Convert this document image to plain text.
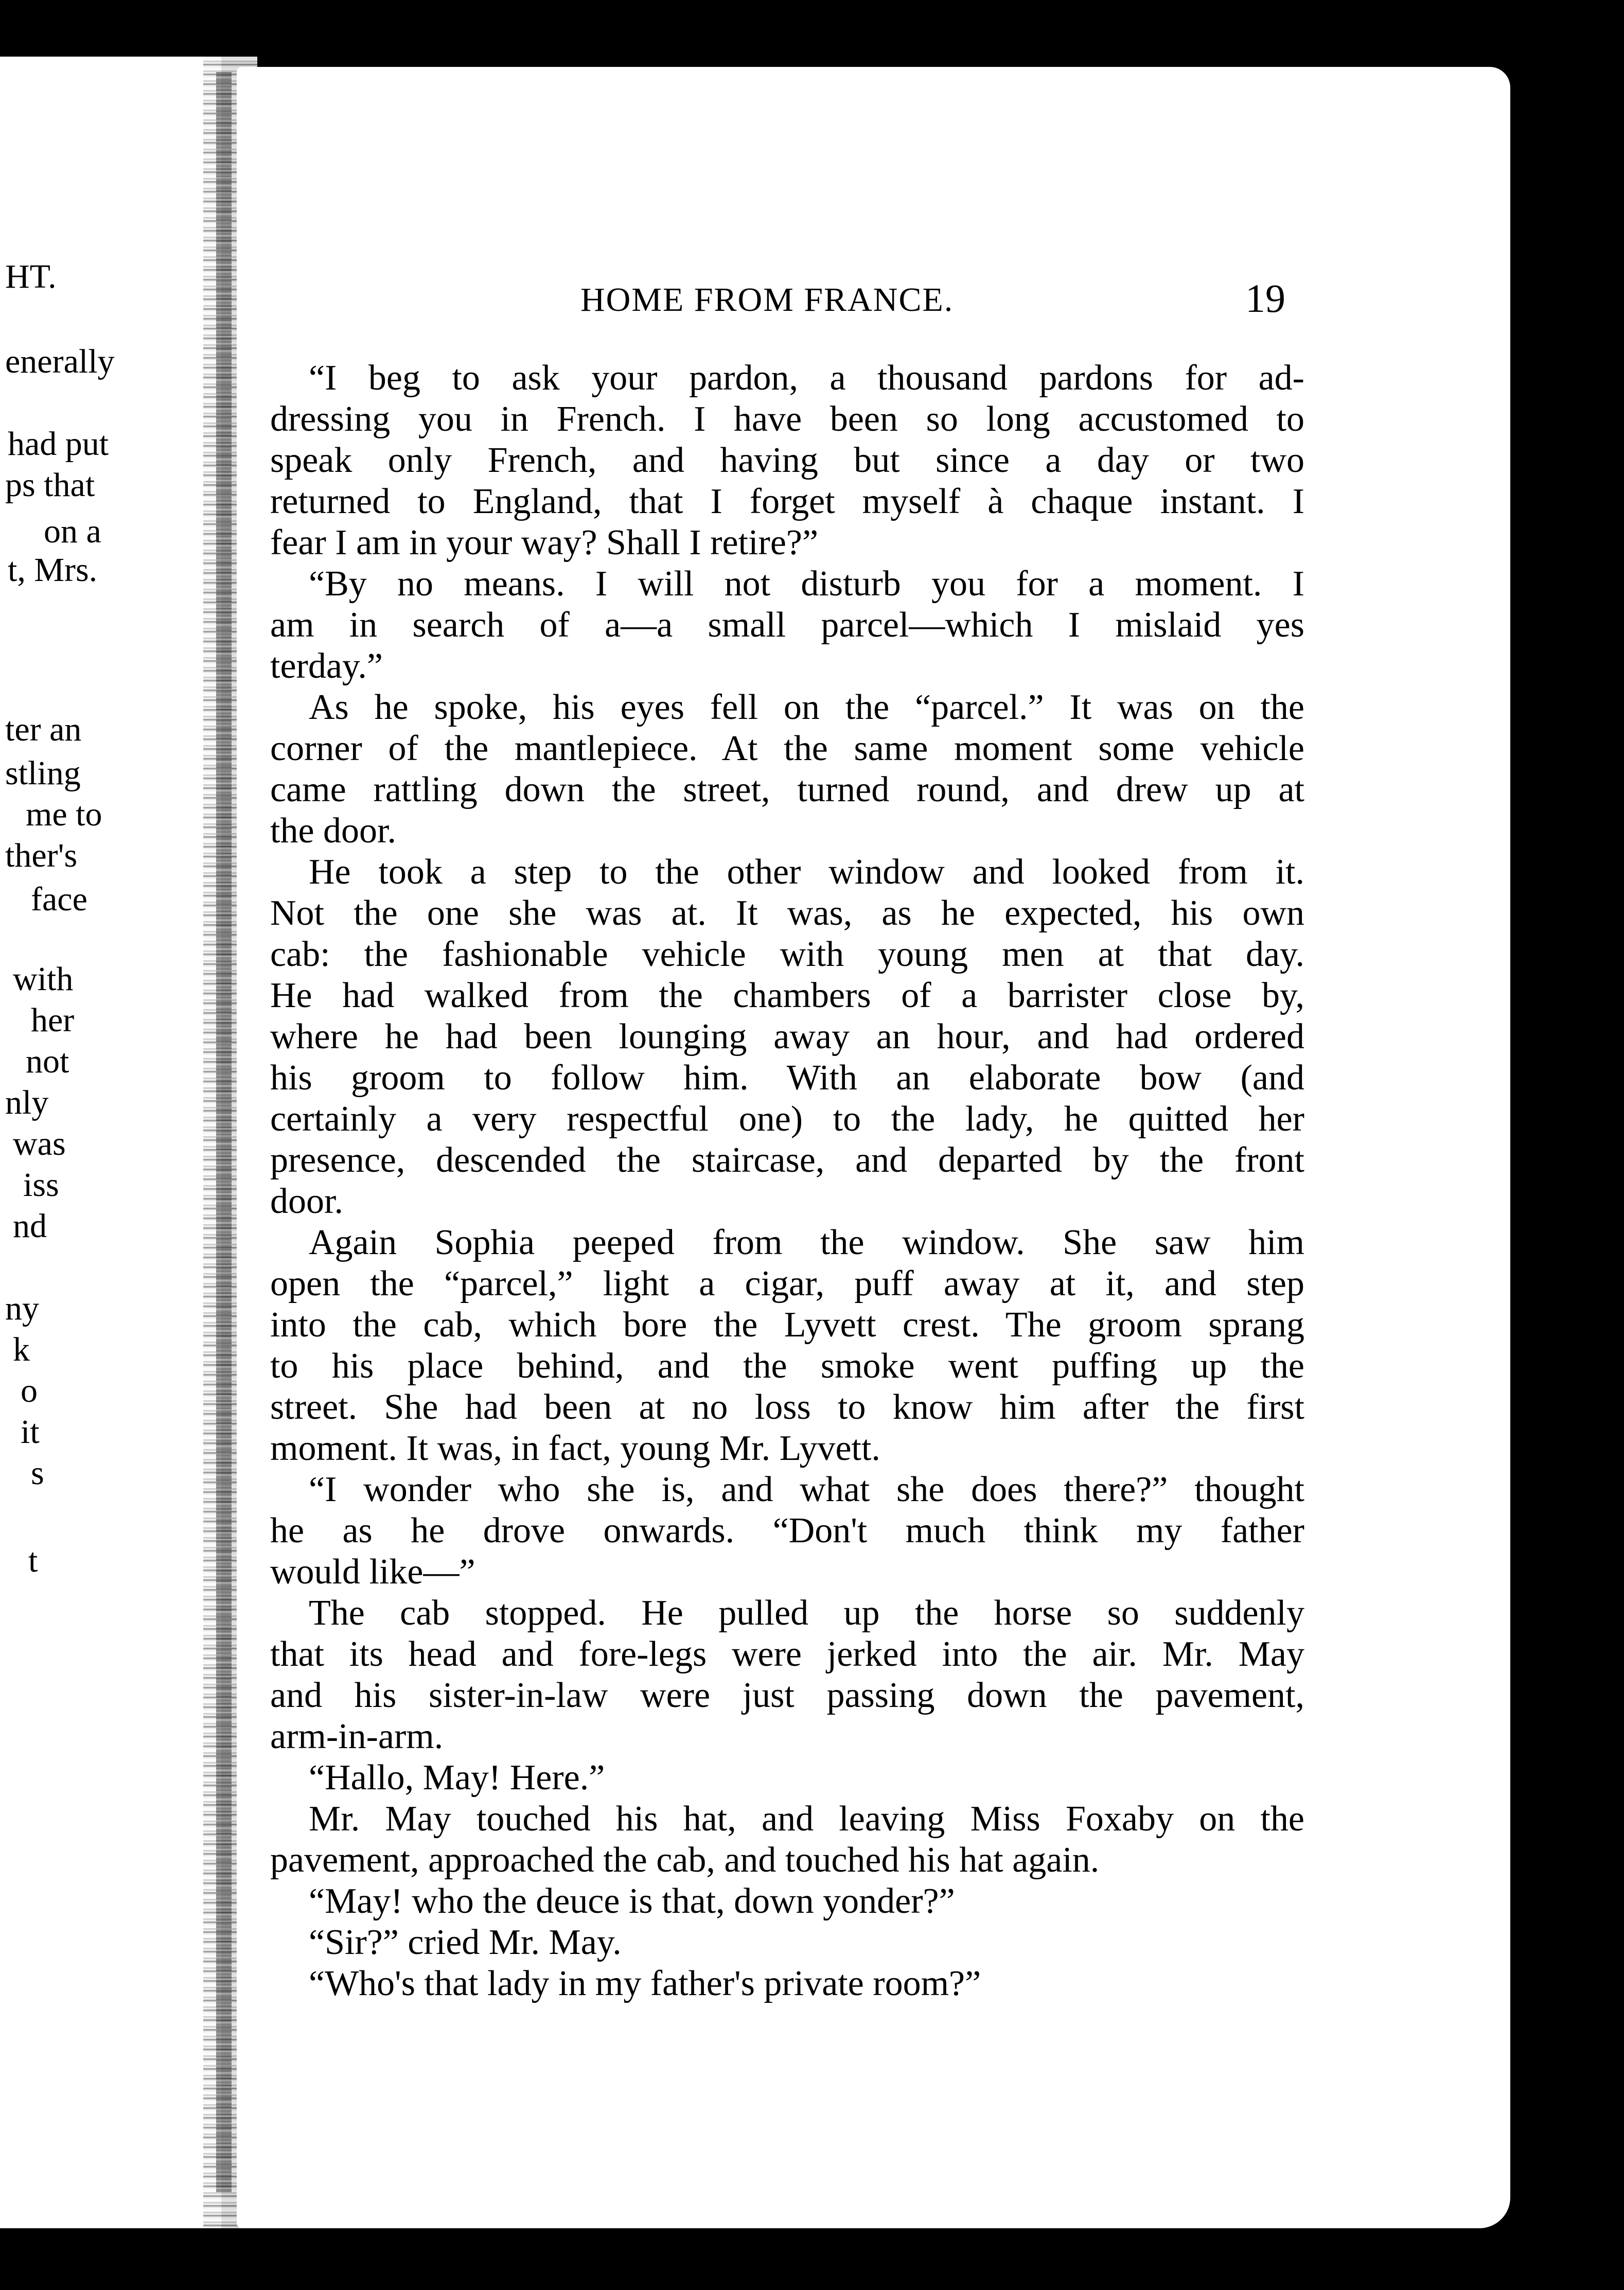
HT.
enerally
had put
ps that
on a
t, Mrs.
ter an
stling
me to
ther's
face
with
her
not
nly
was
iss
nd
ny
k
o
it
s
t
HOME FROM FRANCE.	19
“I beg to ask your pardon, a thousand pardons for ad-
dressing you in French. I have been so long accustomed to
speak only French, and having but since a day or two
returned to England, that I forget myself à chaque instant. I
fear I am in your way? Shall I retire?”
“By no means. I will not disturb you for a moment. I
am in search of a—a small parcel—which I mislaid yes
terday.”
As he spoke, his eyes fell on the “parcel.” It was on the
corner of the mantlepiece. At the same moment some vehicle
came rattling down the street, turned round, and drew up at
the door.
He took a step to the other window and looked from it.
Not the one she was at. It was, as he expected, his own
cab: the fashionable vehicle with young men at that day.
He had walked from the chambers of a barrister close by,
where he had been lounging away an hour, and had ordered
his groom to follow him. With an elaborate bow (and
certainly a very respectful one) to the lady, he quitted her
presence, descended the staircase, and departed by the front
door.
Again Sophia peeped from the window. She saw him
open the “parcel,” light a cigar, puff away at it, and step
into the cab, which bore the Lyvett crest. The groom sprang
to his place behind, and the smoke went puffing up the
street. She had been at no loss to know him after the first
moment. It was, in fact, young Mr. Lyvett.
“I wonder who she is, and what she does there?” thought
he as he drove onwards. “Don't much think my father
would like—”
The cab stopped. He pulled up the horse so suddenly
that its head and fore-legs were jerked into the air. Mr. May
and his sister-in-law were just passing down the pavement,
arm-in-arm.
“Hallo, May! Here.”
Mr. May touched his hat, and leaving Miss Foxaby on the
pavement, approached the cab, and touched his hat again.
“May! who the deuce is that, down yonder?”
“Sir?” cried Mr. May.
“Who's that lady in my father's private room?”
